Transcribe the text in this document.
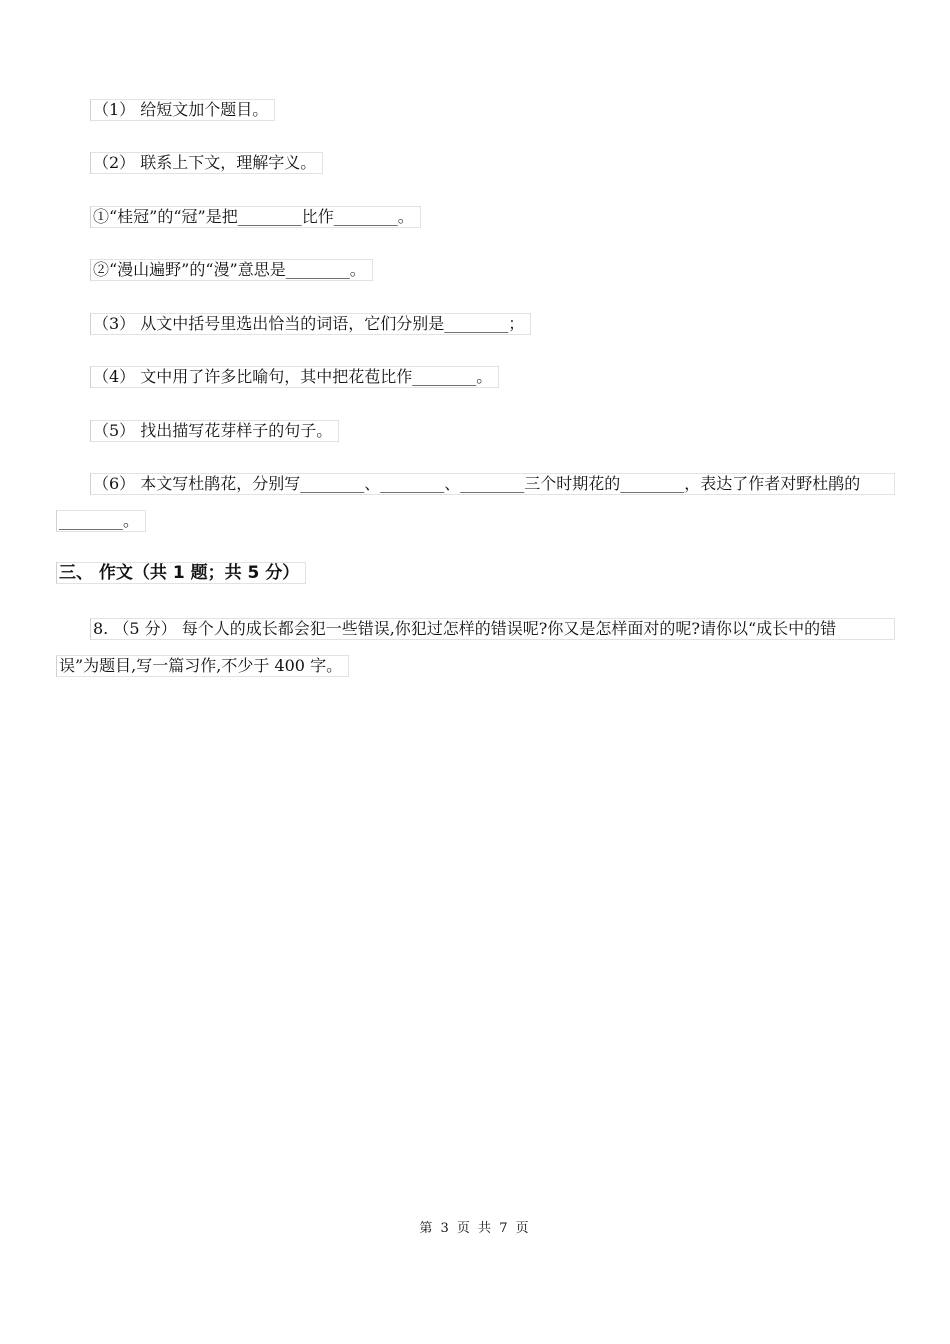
（1） 给短文加个题目。
（2） 联系上下文，理解字义。
①“桂冠”的“冠”是把________比作________。
②“漫山遍野”的“漫”意思是________。
（3） 从文中括号里选出恰当的词语，它们分别是________；
（4） 文中用了许多比喻句，其中把花苞比作________。
（5） 找出描写花芽样子的句子。
（6） 本文写杜鹃花，分别写________、________、________三个时期花的________，表达了作者对野杜鹃的
________。
三、 作文（共 1 题；共 5 分）
8. （5 分） 每个人的成长都会犯一些错误,你犯过怎样的错误呢?你又是怎样面对的呢?请你以“成长中的错
误”为题目,写一篇习作,不少于 400 字。
第 3 页 共 7 页
